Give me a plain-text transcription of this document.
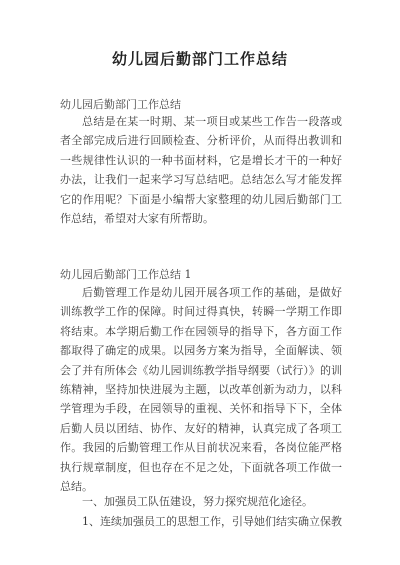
幼儿园后勤部门工作总结
幼儿园后勤部门工作总结

总结是在某一时期、某一项目或某些工作告一段落或者全部完成后进行回顾检查、分析评价，从而得出教训和一些规律性认识的一种书面材料，它是增长才干的一种好办法，让我们一起来学习写总结吧。总结怎么写才能发挥它的作用呢？下面是小编帮大家整理的幼儿园后勤部门工作总结，希望对大家有所帮助。

幼儿园后勤部门工作总结 1

后勤管理工作是幼儿园开展各项工作的基础，是做好训练教学工作的保障。时间过得真快，转瞬一学期工作即将结束。本学期后勤工作在园领导的指导下，各方面工作都取得了确定的成果。以园务方案为指导，全面解读、领会了并有所体会《幼儿园训练教学指导纲要（试行）》的训练精神，坚持加快进展为主题，以改革创新为动力，以科学管理为手段，在园领导的重视、关怀和指导下下，全体后勤人员以团结、协作、友好的精神，认真完成了各项工作。我园的后勤管理工作从目前状况来看，各岗位能严格执行规章制度，但也存在不足之处，下面就各项工作做一总结。

一、加强员工队伍建设，努力探究规范化途径。

1、连续加强员工的思想工作，引导她们结实确立保教
